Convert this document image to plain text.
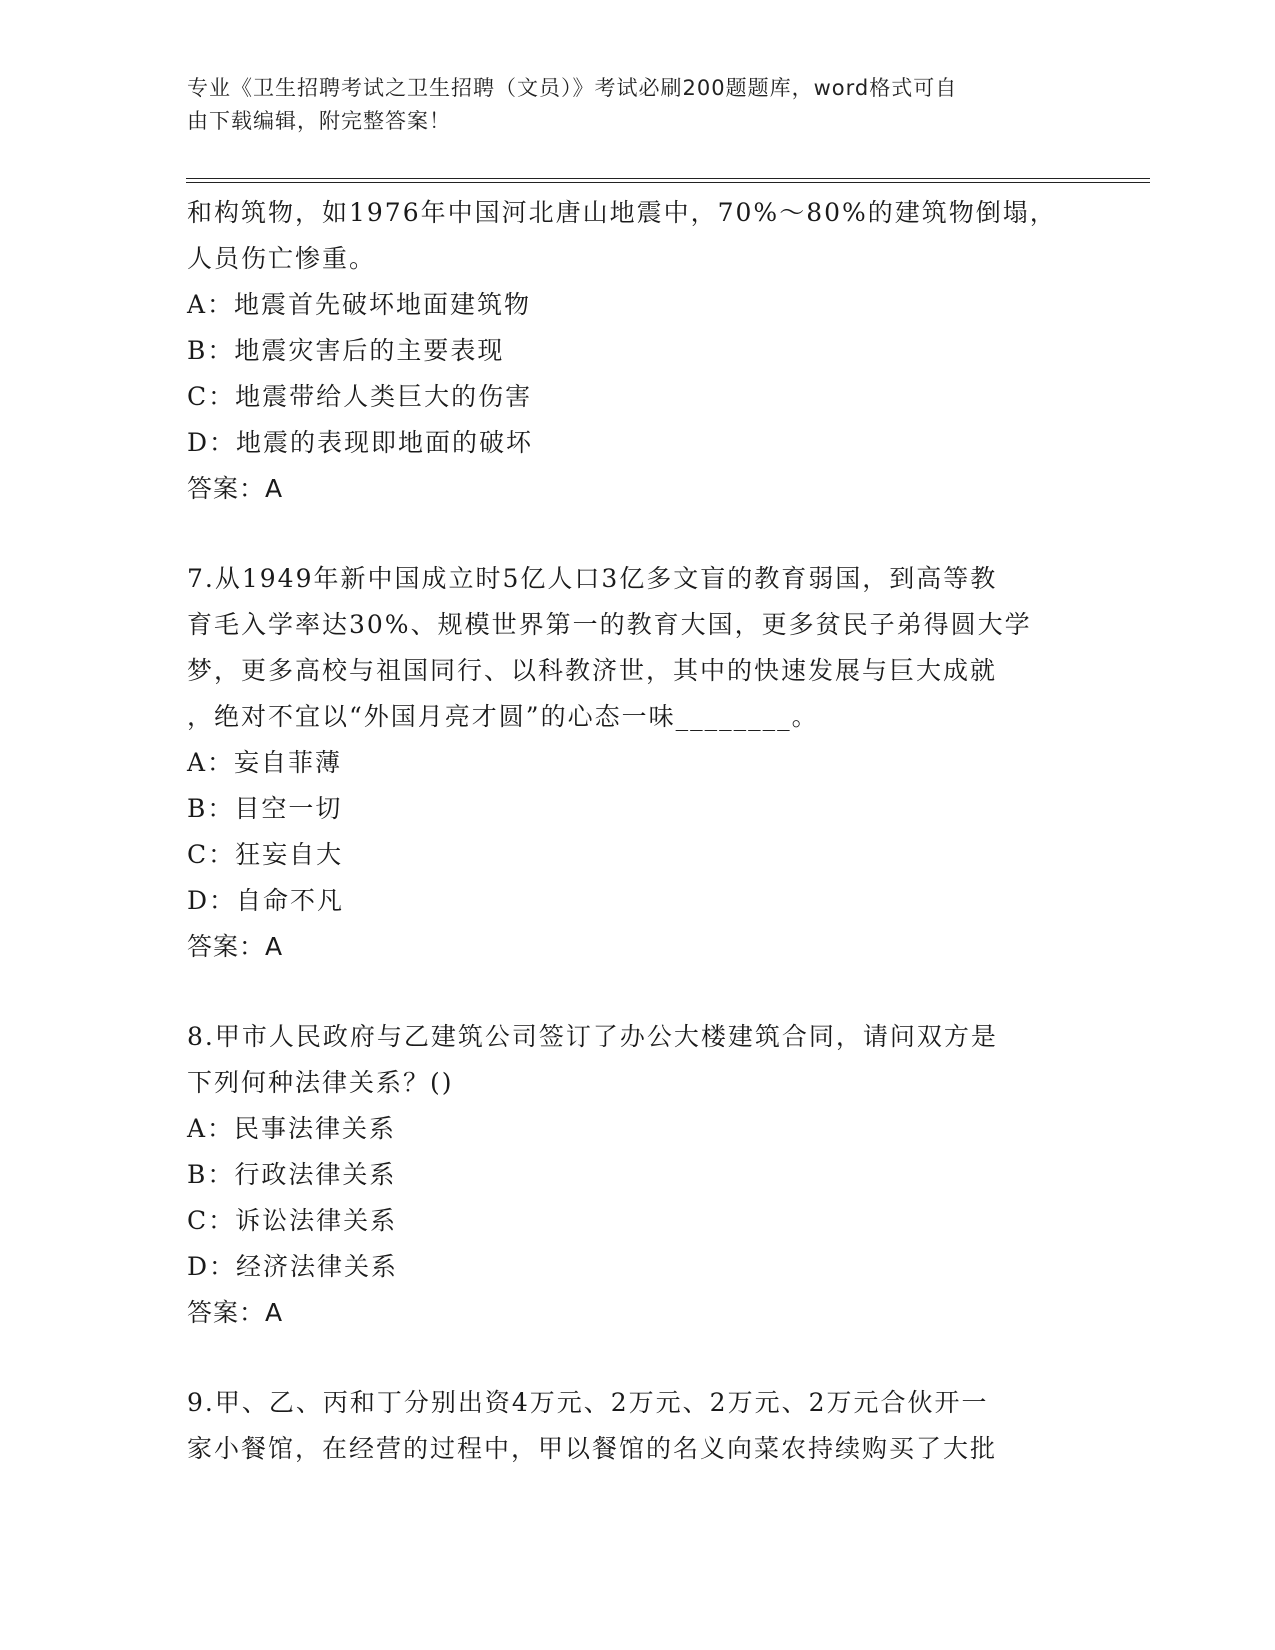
专业《卫生招聘考试之卫生招聘（文员）》考试必刷200题题库，word格式可自
由下载编辑，附完整答案！
和构筑物，如1976年中国河北唐山地震中，70%～80%的建筑物倒塌，
人员伤亡惨重。
A：地震首先破坏地面建筑物
B：地震灾害后的主要表现
C：地震带给人类巨大的伤害
D：地震的表现即地面的破坏
答案：A
7.从1949年新中国成立时5亿人口3亿多文盲的教育弱国，到高等教
育毛入学率达30%、规模世界第一的教育大国，更多贫民子弟得圆大学
梦，更多高校与祖国同行、以科教济世，其中的快速发展与巨大成就
，绝对不宜以“外国月亮才圆”的心态一味________。
A：妄自菲薄
B：目空一切
C：狂妄自大
D：自命不凡
答案：A
8.甲市人民政府与乙建筑公司签订了办公大楼建筑合同，请问双方是
下列何种法律关系？()
A：民事法律关系
B：行政法律关系
C：诉讼法律关系
D：经济法律关系
答案：A
9.甲、乙、丙和丁分别出资4万元、2万元、2万元、2万元合伙开一
家小餐馆，在经营的过程中，甲以餐馆的名义向菜农持续购买了大批
